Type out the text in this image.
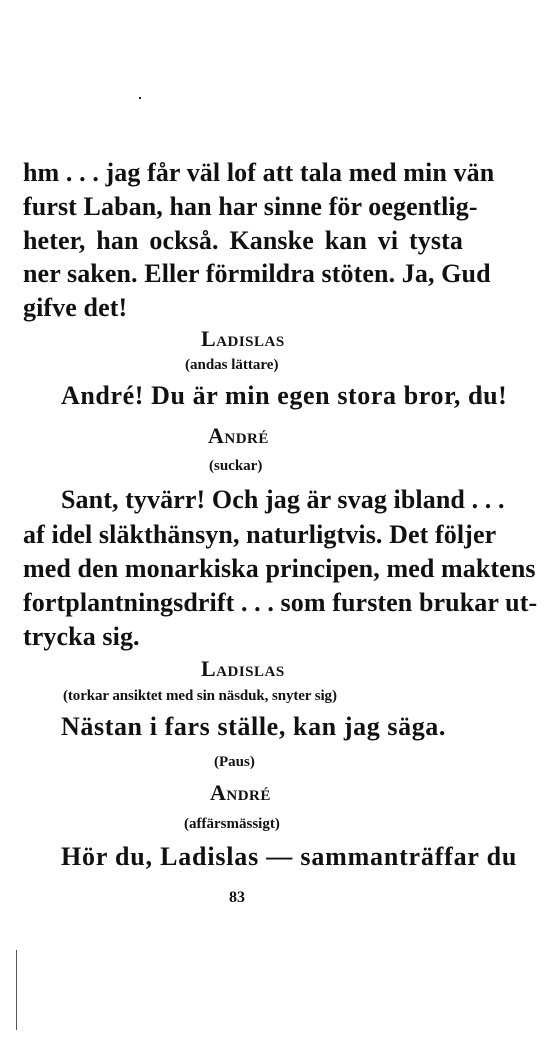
hm . . . jag får väl lof att tala med min vän
furst Laban, han har sinne för oegentlig-
heter, han också. Kanske kan vi tysta
ner saken. Eller förmildra stöten. Ja, Gud
gifve det!
Ladislas
(andas lättare)
André! Du är min egen stora bror, du!
André
(suckar)
Sant, tyvärr! Och jag är svag ibland . . .
af idel släkthänsyn, naturligtvis. Det följer
med den monarkiska principen, med maktens
fortplantningsdrift . . . som fursten brukar ut-
trycka sig.
Ladislas
(torkar ansiktet med sin näsduk, snyter sig)
Nästan i fars ställe, kan jag säga.
(Paus)
André
(affärsmässigt)
Hör du, Ladislas — sammanträffar du
83
